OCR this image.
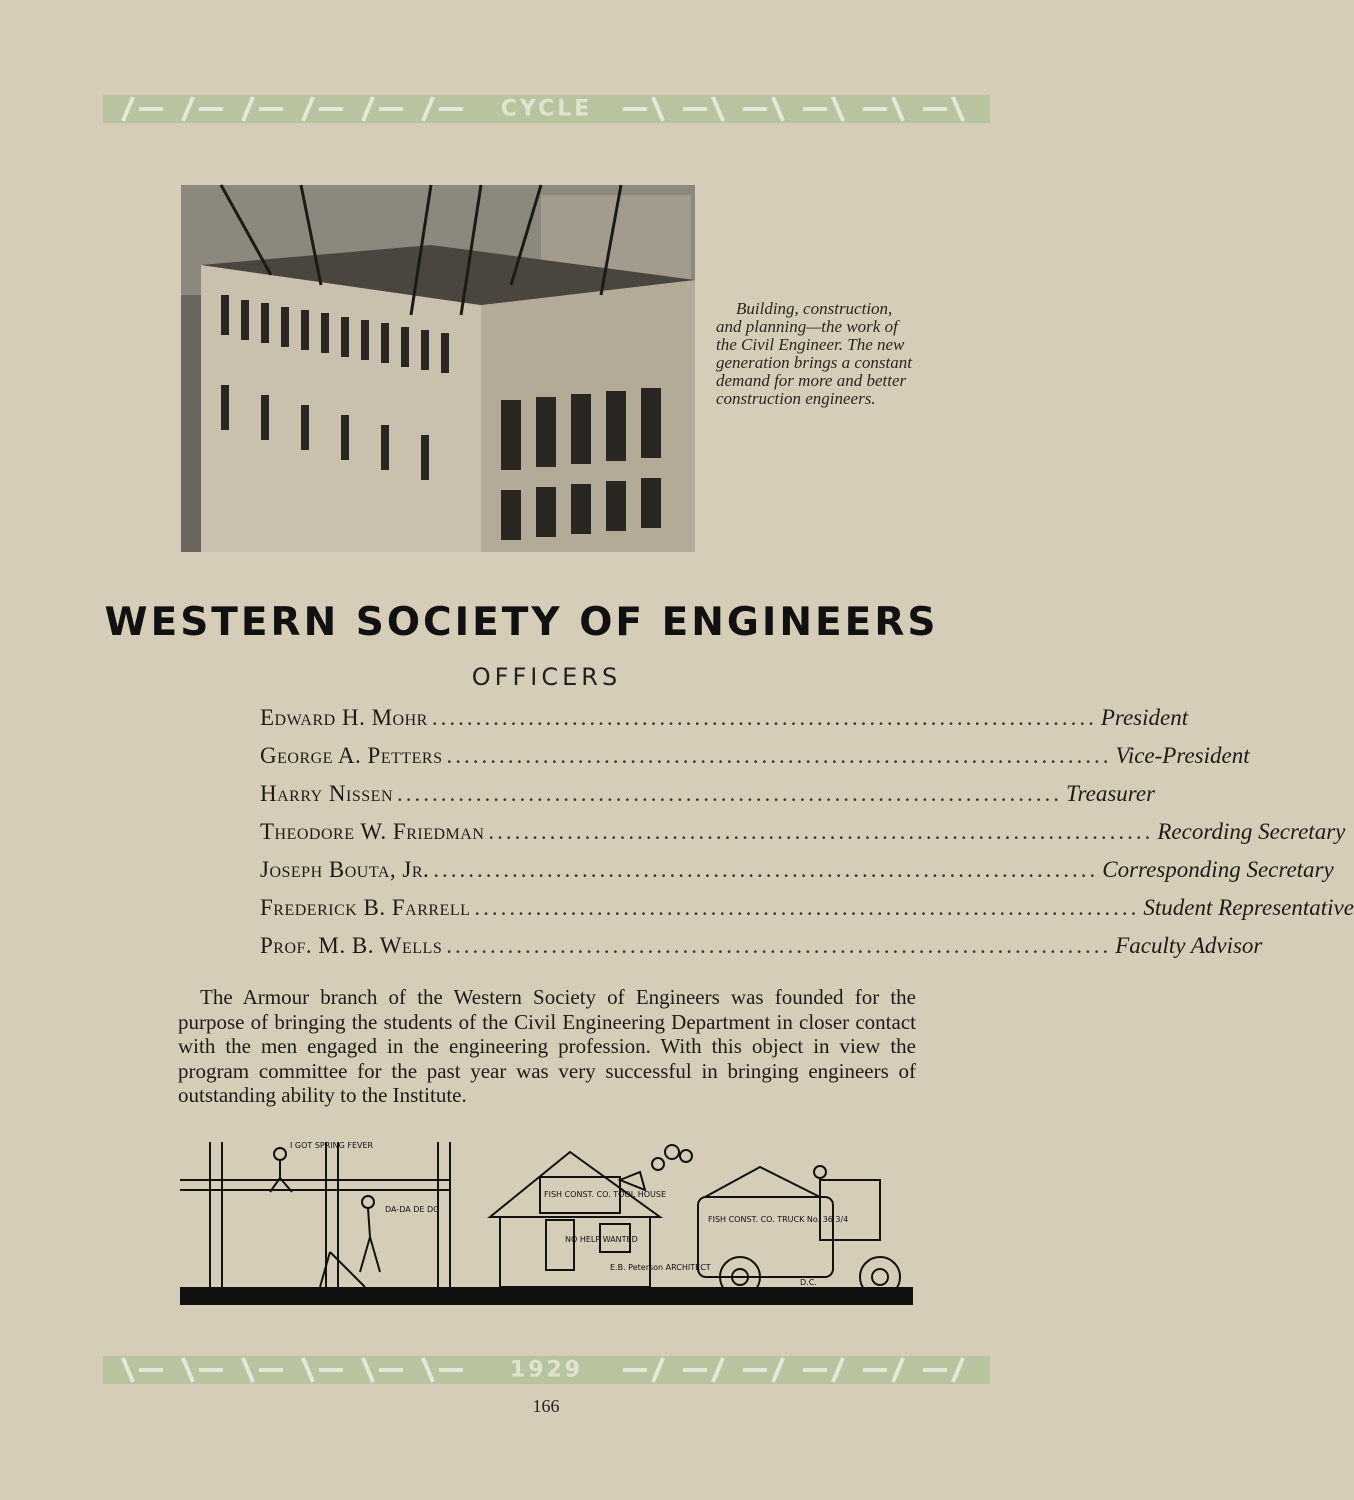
CYCLE
Building, construction,
and planning—the work of
the Civil Engineer. The new
generation brings a constant
demand for more and better
construction engineers.
WESTERN SOCIETY OF ENGINEERS
OFFICERS
Edward H. Mohr ............................................................................ President
George A. Petters ............................................................................ Vice-President
Harry Nissen ............................................................................ Treasurer
Theodore W. Friedman ............................................................................ Recording Secretary
Joseph Bouta, Jr. ............................................................................ Corresponding Secretary
Frederick B. Farrell ............................................................................ Student Representative
Prof. M. B. Wells ............................................................................ Faculty Advisor
The Armour branch of the Western Society of Engineers was founded for the purpose of bringing the students of the Civil Engineering Department in closer contact with the men engaged in the engineering profession. With this object in view the program committee for the past year was very successful in bringing engineers of outstanding ability to the Institute.
I GOT SPRING FEVER
DA-DA DE DO
FISH CONST. CO. TOOL HOUSE
NO HELP WANTED
E.B. Peterson ARCHITECT
FISH CONST. CO. TRUCK No. 36 3/4
D.C.
1929
166
